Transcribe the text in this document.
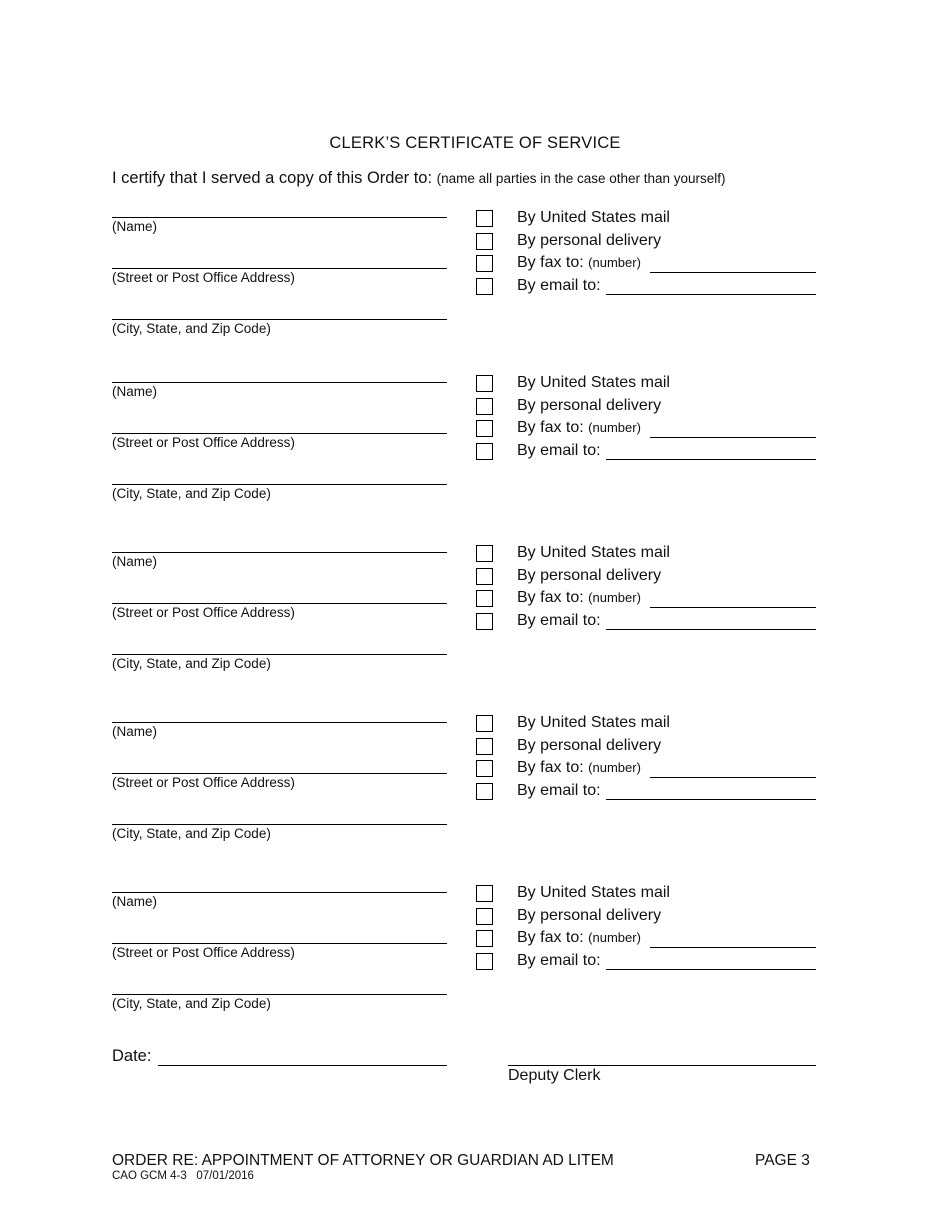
CLERK’S CERTIFICATE OF SERVICE
I certify that I served a copy of this Order to: (name all parties in the case other than yourself)
(Name)
(Street or Post Office Address)
(City, State, and Zip Code)
By United States mail
By personal delivery
By fax to: (number)
By email to:
(Name)
(Street or Post Office Address)
(City, State, and Zip Code)
By United States mail
By personal delivery
By fax to: (number)
By email to:
(Name)
(Street or Post Office Address)
(City, State, and Zip Code)
By United States mail
By personal delivery
By fax to: (number)
By email to:
(Name)
(Street or Post Office Address)
(City, State, and Zip Code)
By United States mail
By personal delivery
By fax to: (number)
By email to:
(Name)
(Street or Post Office Address)
(City, State, and Zip Code)
By United States mail
By personal delivery
By fax to: (number)
By email to:
Date:
Deputy Clerk
ORDER RE: APPOINTMENT OF ATTORNEY OR GUARDIAN AD LITEM	PAGE 3
CAO GCM 4-3   07/01/2016
